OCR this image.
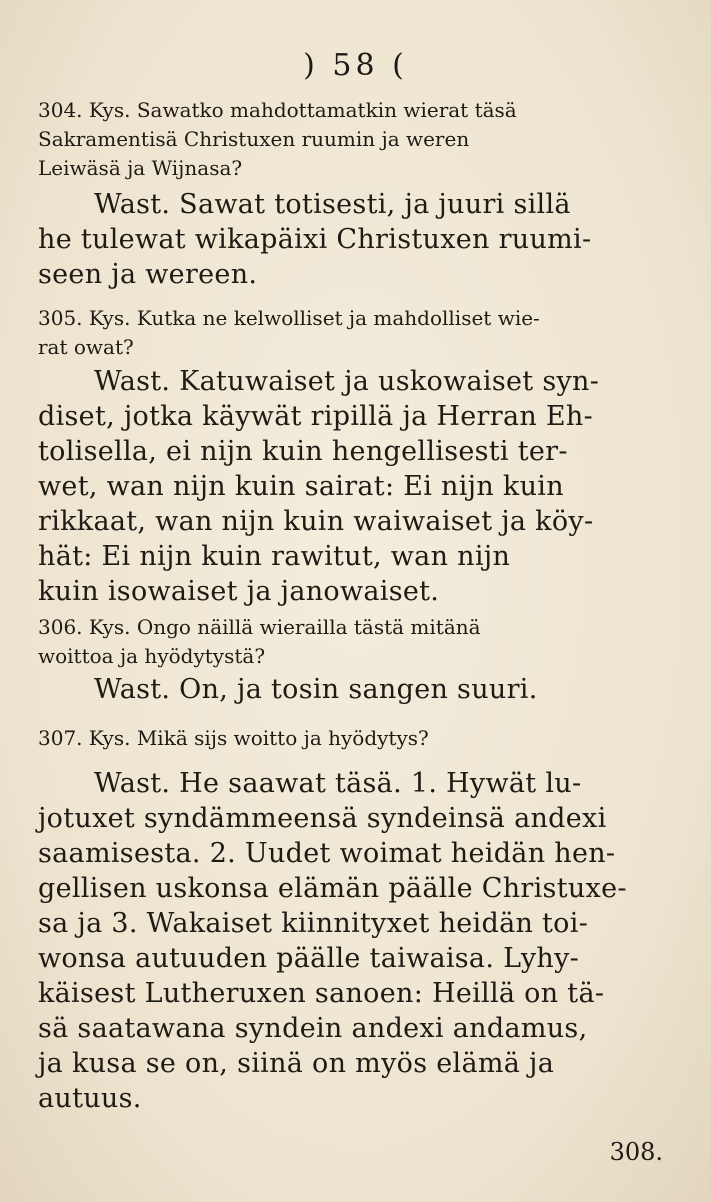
) 58 (
304. Kys. Sawatko mahdottamatkin wierat täsä
Sakramentisä Christuxen ruumin ja weren
Leiwäsä ja Wijnasa?
Wast. Sawat totisesti, ja juuri sillä
he tulewat wikapäixi Christuxen ruumi-
seen ja wereen.
305. Kys. Kutka ne kelwolliset ja mahdolliset wie-
rat owat?
Wast. Katuwaiset ja uskowaiset syn-
diset, jotka käywät ripillä ja Herran Eh-
tolisella, ei nijn kuin hengellisesti ter-
wet, wan nijn kuin sairat: Ei nijn kuin
rikkaat, wan nijn kuin waiwaiset ja köy-
hät: Ei nijn kuin rawitut, wan nijn
kuin isowaiset ja janowaiset.
306. Kys. Ongo näillä wierailla tästä mitänä
woittoa ja hyödytystä?
Wast. On, ja tosin sangen suuri.
307. Kys. Mikä sijs woitto ja hyödytys?
Wast. He saawat täsä. 1. Hywät lu-
jotuxet syndämmeensä syndeinsä andexi
saamisesta. 2. Uudet woimat heidän hen-
gellisen uskonsa elämän päälle Christuxe-
sa ja 3. Wakaiset kiinnityxet heidän toi-
wonsa autuuden päälle taiwaisa. Lyhy-
käisest Lutheruxen sanoen: Heillä on tä-
sä saatawana syndein andexi andamus,
ja kusa se on, siinä on myös elämä ja
autuus.
308.
